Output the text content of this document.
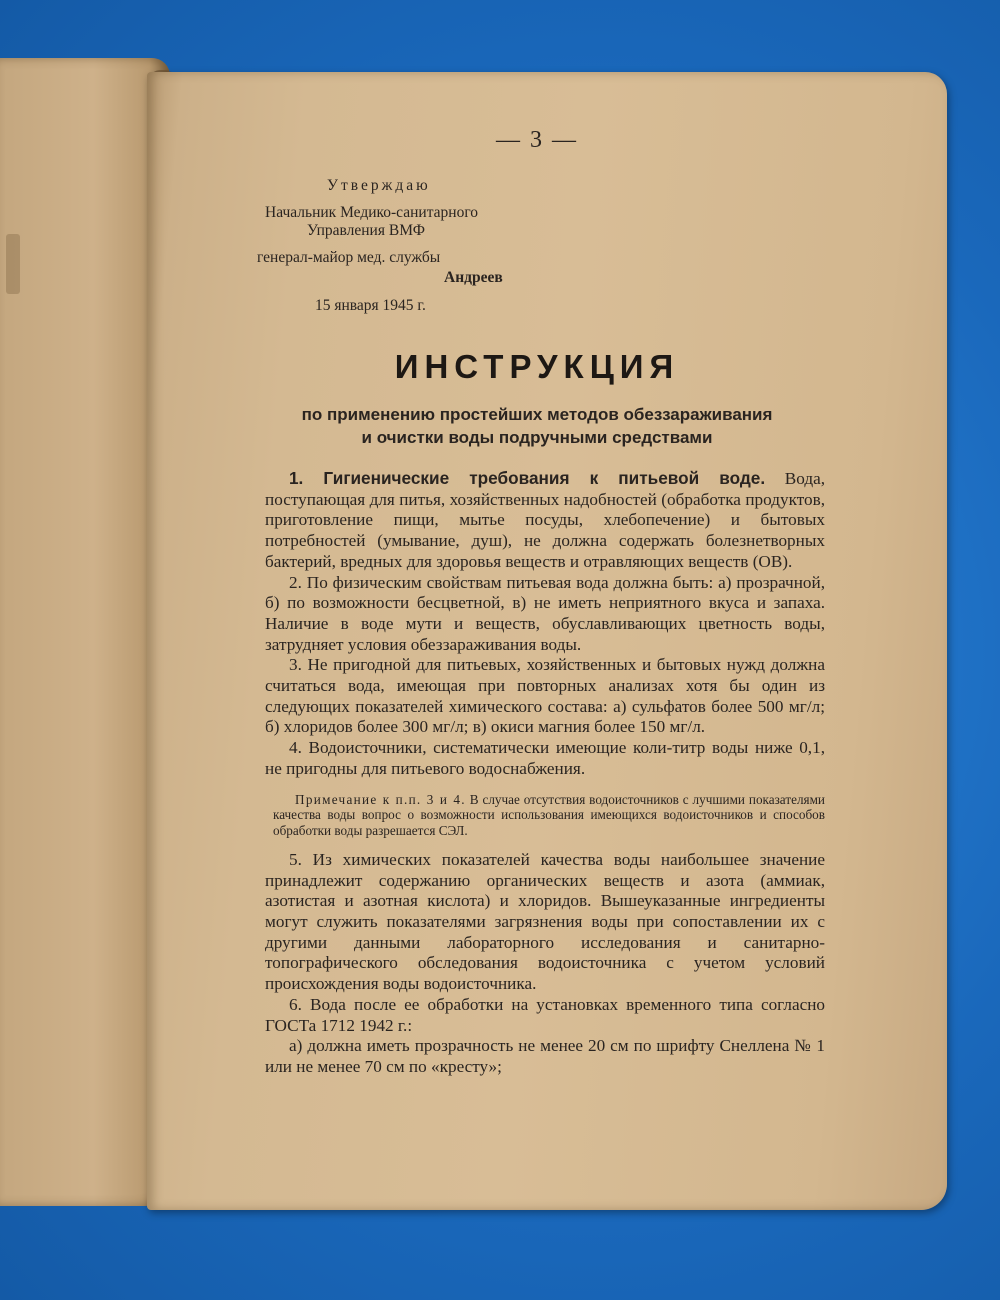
— 3 —
Утверждаю
Начальник Медико-санитарного
Управления ВМФ
генерал-майор мед. службы
Андреев
15 января 1945 г.
ИНСТРУКЦИЯ
по применению простейших методов обеззараживания
и очистки воды подручными средствами

1. Гигиенические требования к питьевой воде. Вода, поступающая для питья, хозяйственных надобностей (обработка продуктов, приготовление пищи, мытье посуды, хлебопечение) и бытовых потребностей (умывание, душ), не должна содержать болезнетворных бактерий, вредных для здоровья веществ и отравляющих веществ (ОВ).

2. По физическим свойствам питьевая вода должна быть: а) прозрачной, б) по возможности бесцветной, в) не иметь неприятного вкуса и запаха. Наличие в воде мути и веществ, обуславливающих цветность воды, затрудняет условия обеззараживания воды.

3. Не пригодной для питьевых, хозяйственных и бытовых нужд должна считаться вода, имеющая при повторных анализах хотя бы один из следующих показателей химического состава: а) сульфатов более 500 мг/л; б) хлоридов более 300 мг/л; в) окиси магния более 150 мг/л.

4. Водоисточники, систематически имеющие коли-титр воды ниже 0,1, не пригодны для питьевого водоснабжения.

Примечание к п.п. 3 и 4. В случае отсутствия водоисточников с лучшими показателями качества воды вопрос о возможности использования имеющихся водоисточников и способов обработки воды разрешается СЭЛ.

5. Из химических показателей качества воды наибольшее значение принадлежит содержанию органических веществ и азота (аммиак, азотистая и азотная кислота) и хлоридов. Вышеуказанные ингредиенты могут служить показателями загрязнения воды при сопоставлении их с другими данными лабораторного исследования и санитарно-топографического обследования водоисточника с учетом условий происхождения воды водоисточника.

6. Вода после ее обработки на установках временного типа согласно ГОСТа 1712 1942 г.:

а) должна иметь прозрачность не менее 20 см по шрифту Снеллена № 1 или не менее 70 см по «кресту»;
